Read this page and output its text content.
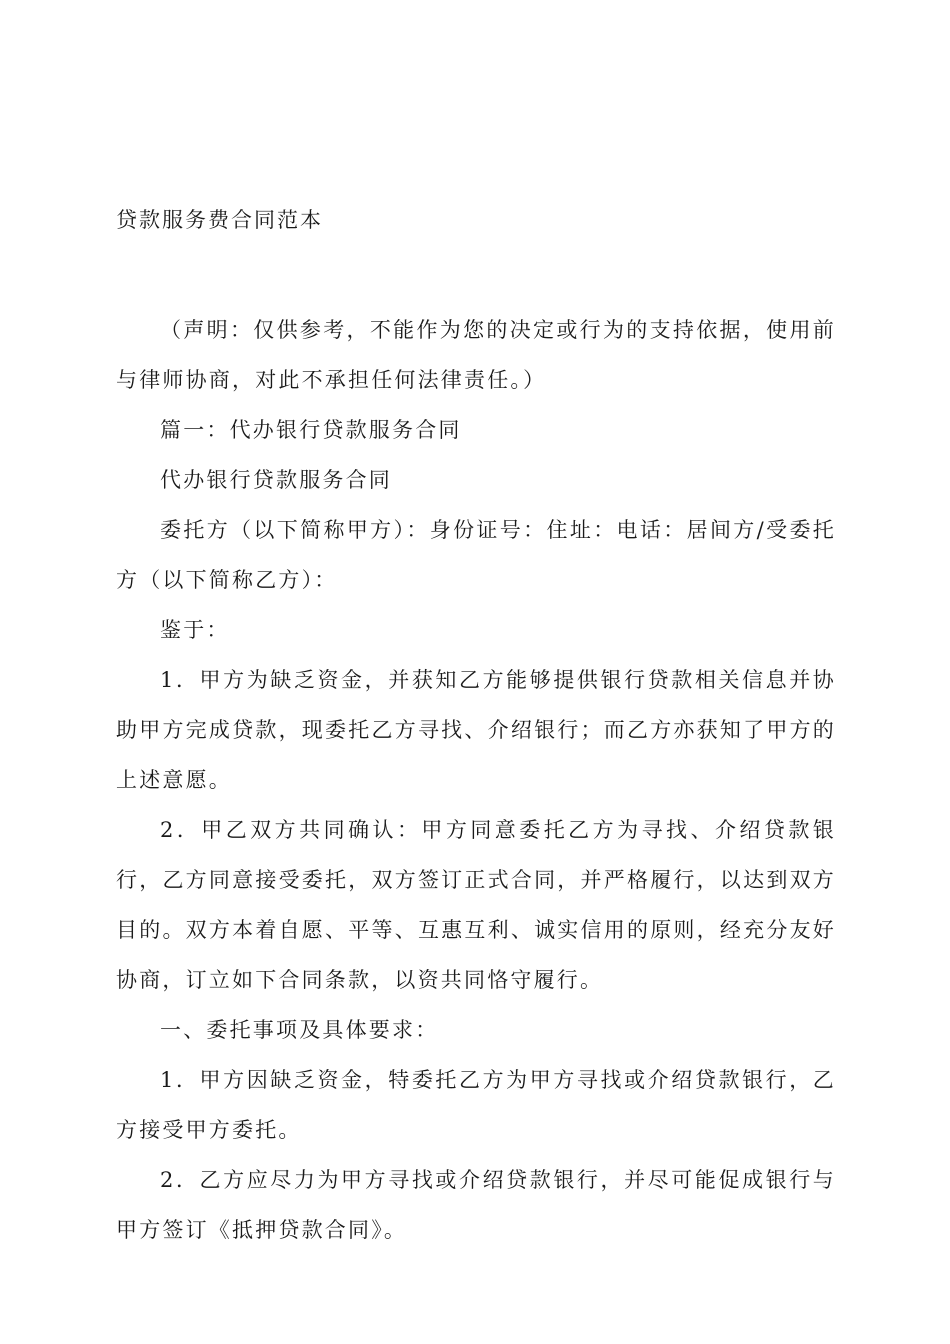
贷款服务费合同范本

（声明：仅供参考，不能作为您的决定或行为的支持依据，使用前与律师协商，对此不承担任何法律责任。）

篇一：代办银行贷款服务合同

代办银行贷款服务合同

委托方（以下简称甲方）：身份证号：住址：电话：居间方/受委托方（以下简称乙方）：

鉴于：

1．甲方为缺乏资金，并获知乙方能够提供银行贷款相关信息并协助甲方完成贷款，现委托乙方寻找、介绍银行；而乙方亦获知了甲方的上述意愿。

2．甲乙双方共同确认：甲方同意委托乙方为寻找、介绍贷款银行，乙方同意接受委托，双方签订正式合同，并严格履行，以达到双方目的。双方本着自愿、平等、互惠互利、诚实信用的原则，经充分友好协商，订立如下合同条款，以资共同恪守履行。

一、委托事项及具体要求：

1．甲方因缺乏资金，特委托乙方为甲方寻找或介绍贷款银行，乙方接受甲方委托。

2．乙方应尽力为甲方寻找或介绍贷款银行，并尽可能促成银行与甲方签订《抵押贷款合同》。
